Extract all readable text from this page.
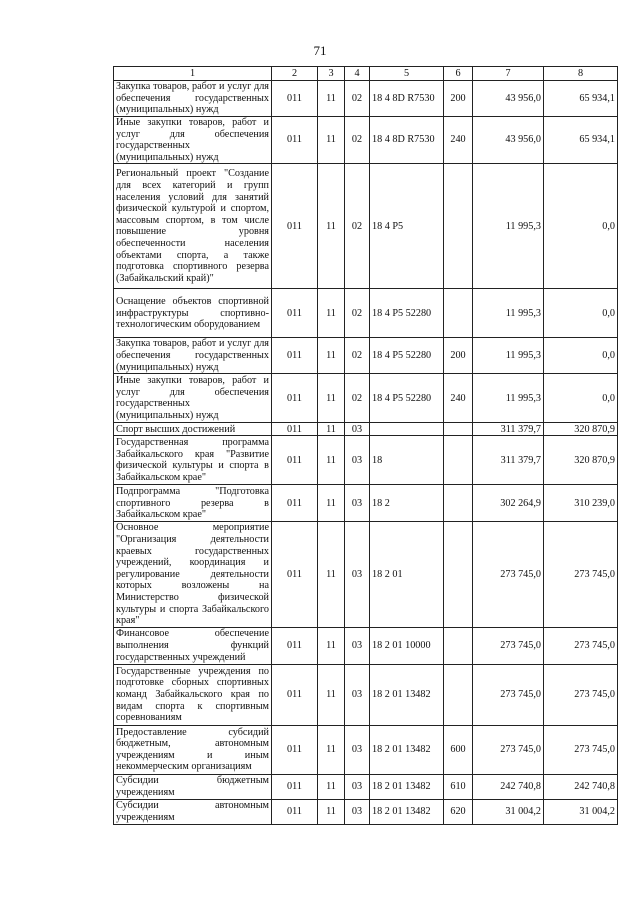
71
1	2	3	4	5	6	7	8
Закупка товаров, работ и услуг для обеспечения государственных (муниципальных) нужд	011	11	02	18 4 8D R7530	200	43 956,0	65 934,1
Иные закупки товаров, работ и услуг для обеспечения государственных (муниципальных) нужд	011	11	02	18 4 8D R7530	240	43 956,0	65 934,1
Региональный проект "Создание для всех категорий и групп населения условий для занятий физической культурой и спортом, массовым спортом, в том числе повышение уровня обеспеченности населения объектами спорта, а также подготовка спортивного резерва (Забайкальский край)"	011	11	02	18 4 P5		11 995,3	0,0
Оснащение объектов спортивной инфраструктуры спортивно-технологическим оборудованием	011	11	02	18 4 P5 52280		11 995,3	0,0
Закупка товаров, работ и услуг для обеспечения государственных (муниципальных) нужд	011	11	02	18 4 P5 52280	200	11 995,3	0,0
Иные закупки товаров, работ и услуг для обеспечения государственных (муниципальных) нужд	011	11	02	18 4 P5 52280	240	11 995,3	0,0
Спорт высших достижений	011	11	03			311 379,7	320 870,9
Государственная программа Забайкальского края "Развитие физической культуры и спорта в Забайкальском крае"	011	11	03	18		311 379,7	320 870,9
Подпрограмма "Подготовка спортивного резерва в Забайкальском крае"	011	11	03	18 2		302 264,9	310 239,0
Основное мероприятие "Организация деятельности краевых государственных учреждений, координация и регулирование деятельности которых возложены на Министерство физической культуры и спорта Забайкальского края"	011	11	03	18 2 01		273 745,0	273 745,0
Финансовое обеспечение выполнения функций государственных учреждений	011	11	03	18 2 01 10000		273 745,0	273 745,0
Государственные учреждения по подготовке сборных спортивных команд Забайкальского края по видам спорта к спортивным соревнованиям	011	11	03	18 2 01 13482		273 745,0	273 745,0
Предоставление субсидий бюджетным, автономным учреждениям и иным некоммерческим организациям	011	11	03	18 2 01 13482	600	273 745,0	273 745,0
Субсидии бюджетным учреждениям	011	11	03	18 2 01 13482	610	242 740,8	242 740,8
Субсидии автономным учреждениям	011	11	03	18 2 01 13482	620	31 004,2	31 004,2
